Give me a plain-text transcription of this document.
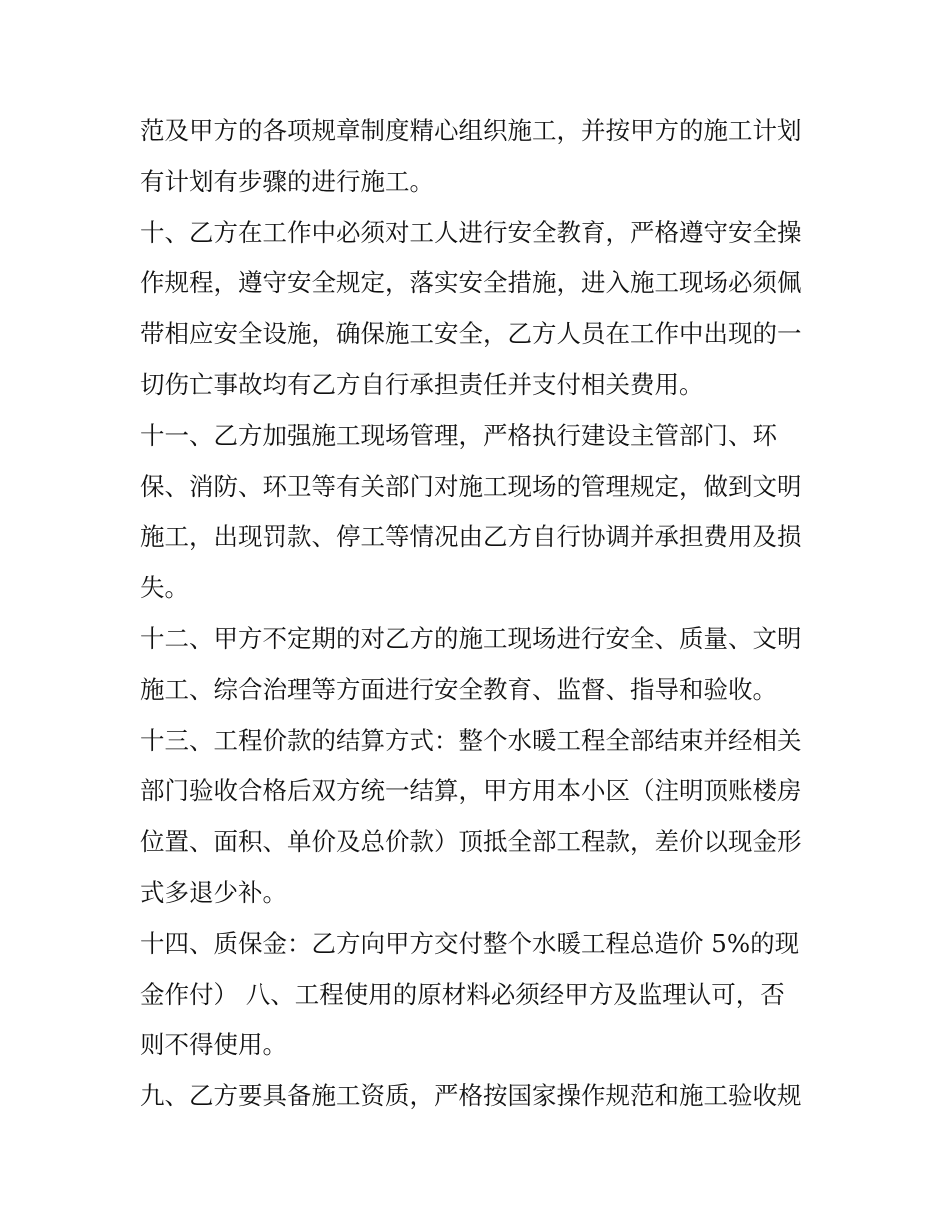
范及甲方的各项规章制度精心组织施工，并按甲方的施工计划
有计划有步骤的进行施工。
十、乙方在工作中必须对工人进行安全教育，严格遵守安全操
作规程，遵守安全规定，落实安全措施，进入施工现场必须佩
带相应安全设施，确保施工安全，乙方人员在工作中出现的一
切伤亡事故均有乙方自行承担责任并支付相关费用。
十一、乙方加强施工现场管理，严格执行建设主管部门、环
保、消防、环卫等有关部门对施工现场的管理规定，做到文明
施工，出现罚款、停工等情况由乙方自行协调并承担费用及损
失。
十二、甲方不定期的对乙方的施工现场进行安全、质量、文明
施工、综合治理等方面进行安全教育、监督、指导和验收。
十三、工程价款的结算方式：整个水暖工程全部结束并经相关
部门验收合格后双方统一结算，甲方用本小区（注明顶账楼房
位置、面积、单价及总价款）顶抵全部工程款，差价以现金形
式多退少补。
十四、质保金：乙方向甲方交付整个水暖工程总造价 5%的现
金作付） 八、工程使用的原材料必须经甲方及监理认可，否
则不得使用。
九、乙方要具备施工资质，严格按国家操作规范和施工验收规
